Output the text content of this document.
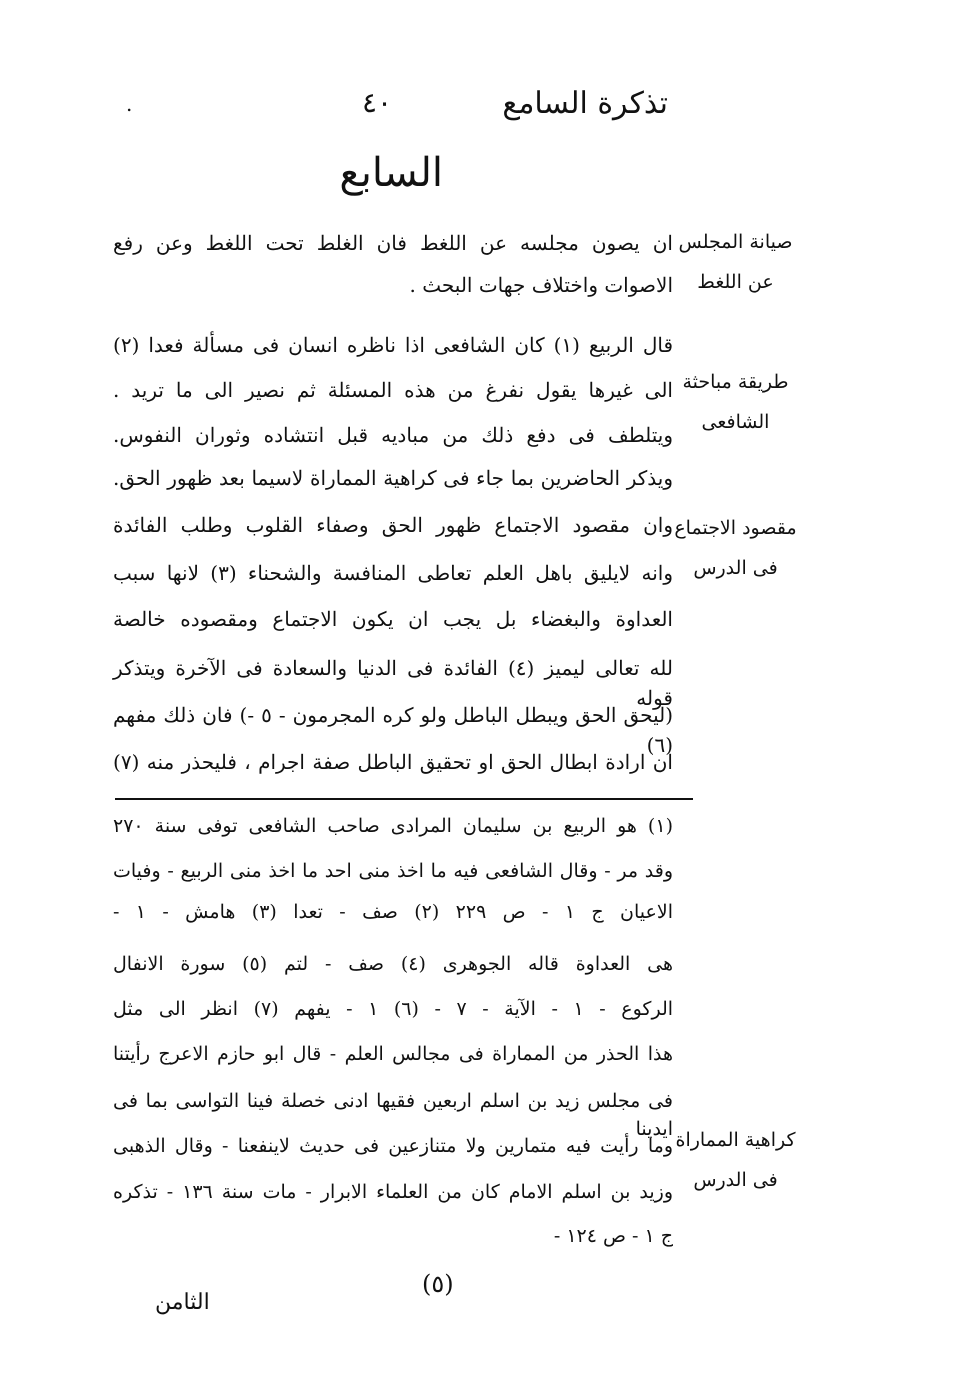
تذكرة السامع
٤٠
.
السابع
صيانة المجلس
عن اللغط
طريقة مباحثة
الشافعى
مقصود الاجتماع
فى الدرس
كراهية المماراة
فى الدرس
ان يصون مجلسه عن اللغط فان الغلط تحت اللغط وعن رفع
الاصوات واختلاف جهات البحث .
قال الربيع (١) كان الشافعى اذا ناظره انسان فى مسألة فعدا (٢)
الى غيرها يقول نفرغ من هذه المسئلة ثم نصير الى ما تريد .
ويتلطف فى دفع ذلك من مباديه قبل انتشاده وثوران النفوس.
ويذكر الحاضرين بما جاء فى كراهية المماراة لاسيما بعد ظهور الحق.
وان مقصود الاجتماع ظهور الحق وصفاء القلوب وطلب الفائدة
وانه لايليق باهل العلم تعاطى المنافسة والشحناء (٣) لانها سبب
العداوة والبغضاء بل يجب ان يكون الاجتماع ومقصوده خالصة
لله تعالى ليميز (٤) الفائدة فى الدنيا والسعادة فى الآخرة ويتذكر قوله
(ليحق الحق ويبطل الباطل ولو كره المجرمون - ٥ -) فان ذلك مفهم (٦)
ان ارادة ابطال الحق او تحقيق الباطل صفة اجرام ، فليحذر منه (٧)
(١) هو الربيع بن سليمان المرادى صاحب الشافعى توفى سنة ٢٧٠
وقد مر - وقال الشافعى فيه ما اخذ منى احد ما اخذ منى الربيع - وفيات
الاعيان ج ١ - ص ٢٢٩ (٢) صف - تعدا (٣) هامش - ١ -
هى العداوة قاله الجوهرى (٤) صف - لتم (٥) سورة الانفال
الركوع - ١ - الآية - ٧ - (٦) ١ - يفهم (٧) انظر الى مثل
هذا الحذر من المماراة فى مجالس العلم - قال ابو حازم الاعرج رأيتنا
فى مجلس زيد بن اسلم اربعين فقيها ادنى خصلة فينا التواسى بما فى ايدينا
وما رأيت فيه متمارين ولا متنازعين فى حديث لاينفعنا - وقال الذهبى
وزيد بن اسلم الامام كان من العلماء الابرار - مات سنة ١٣٦ - تذكره
ج ١ - ص ١٢٤ -
(٥)
الثامن
